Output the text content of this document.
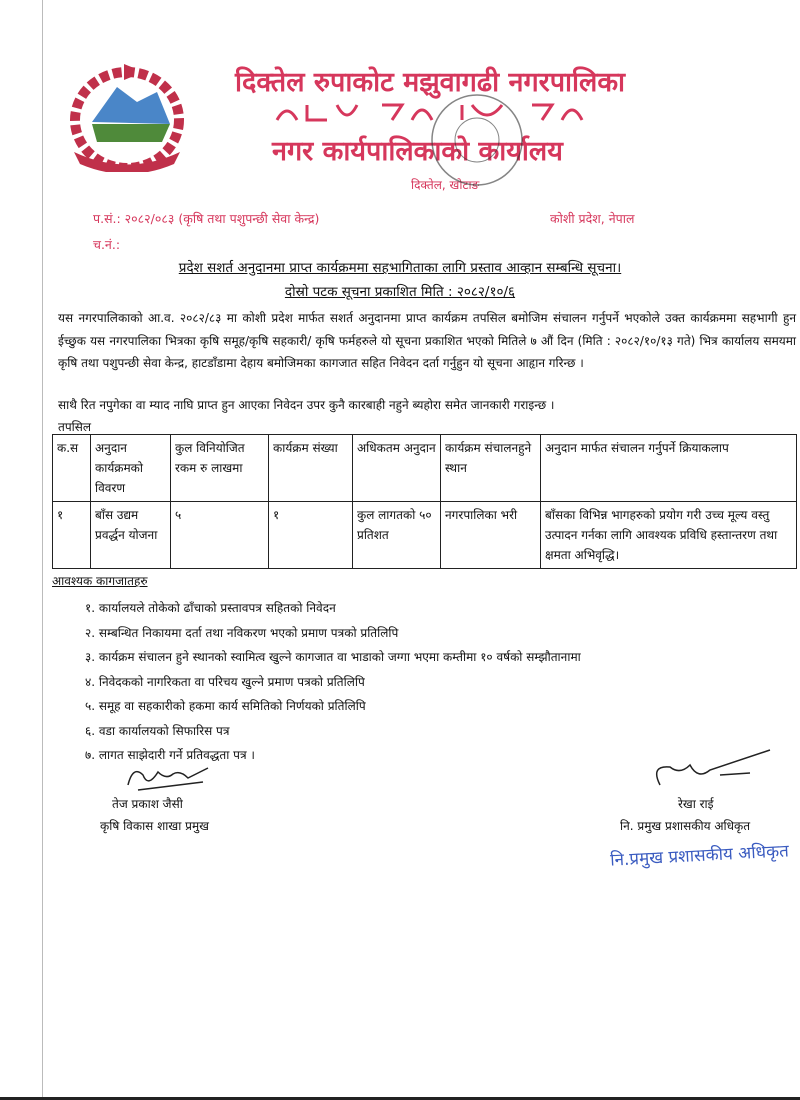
दिक्तेल रुपाकोट मझुवागढी नगरपालिका
नगर कार्यपालिकाको कार्यालय
दिक्तेल, खोटाङ
प.सं.: २०८२/०८३ (कृषि तथा पशुपन्छी सेवा केन्द्र)	कोशी प्रदेश, नेपाल
च.नं.:
प्रदेश सशर्त अनुदानमा प्राप्त कार्यक्रममा सहभागिताका लागि प्रस्ताव आव्हान सम्बन्धि सूचना।
दोस्रो पटक सूचना प्रकाशित मिति : २०८२/१०/६
यस नगरपालिकाको आ.व. २०८२/८३ मा कोशी प्रदेश मार्फत सशर्त अनुदानमा प्राप्त कार्यक्रम तपसिल बमोजिम संचालन गर्नुपर्ने भएकोले उक्त कार्यक्रममा सहभागी हुन ईच्छुक यस नगरपालिका भित्रका कृषि समूह/कृषि सहकारी/ कृषि फर्महरुले यो सूचना प्रकाशित भएको मितिले ७ औं दिन (मिति : २०८२/१०/१३ गते) भित्र कार्यालय समयमा कृषि तथा पशुपन्छी सेवा केन्द्र, हाटडाँडामा देहाय बमोजिमका कागजात सहित निवेदन दर्ता गर्नुहुन यो सूचना आहृान गरिन्छ ।
साथै रित नपुगेका वा म्याद नाघि प्राप्त हुन आएका निवेदन उपर कुनै कारबाही नहुने ब्यहोरा समेत जानकारी गराइन्छ ।
तपसिल
क.स	अनुदान कार्यक्रमको विवरण	कुल विनियोजित रकम रु लाखमा	कार्यक्रम संख्या	अधिकतम अनुदान	कार्यक्रम संचालनहुने स्थान	अनुदान मार्फत संचालन गर्नुपर्ने क्रियाकलाप
१	बाँस उद्यम प्रवर्द्धन योजना	५	१	कुल लागतको ५० प्रतिशत	नगरपालिका भरी	बाँसका विभिन्न भागहरुको प्रयोग गरी उच्च मूल्य वस्तु उत्पादन गर्नका लागि आवश्यक प्रविधि हस्तान्तरण तथा क्षमता अभिवृद्धि।
आवश्यक कागजातहरु
१. कार्यालयले तोकेको ढाँचाको प्रस्तावपत्र सहितको निवेदन
२. सम्बन्धित निकायमा दर्ता तथा नविकरण भएको प्रमाण पत्रको प्रतिलिपि
३. कार्यक्रम संचालन हुने स्थानको स्वामित्व खुल्ने कागजात वा भाडाको जग्गा भएमा कम्तीमा १० वर्षको सम्झौतानामा
४. निवेदकको नागरिकता वा परिचय खुल्ने प्रमाण पत्रको प्रतिलिपि
५. समूह वा सहकारीको हकमा कार्य समितिको निर्णयको प्रतिलिपि
६. वडा कार्यालयको सिफारिस पत्र
७. लागत साझेदारी गर्ने प्रतिवद्धता पत्र ।
तेज प्रकाश जैसी
कृषि विकास शाखा प्रमुख
रेखा राई
नि. प्रमुख प्रशासकीय अधिकृत
नि.प्रमुख प्रशासकीय अधिकृत
